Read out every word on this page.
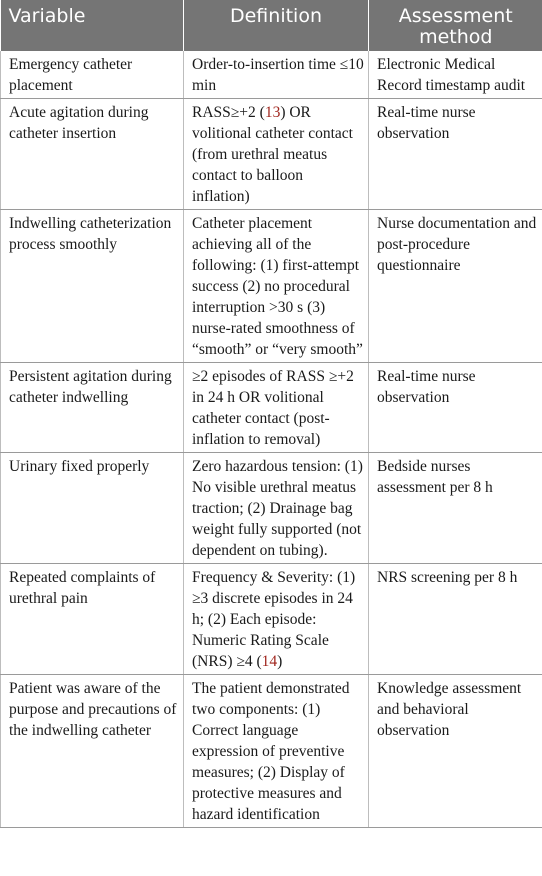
Variable	Definition	Assessment method
Emergency catheter placement	Order-to-insertion time ≤10 min	Electronic Medical Record timestamp audit
Acute agitation during catheter insertion	RASS≥+2 (13) OR volitional catheter contact (from urethral meatus contact to balloon inflation)	Real-time nurse observation
Indwelling catheterization process smoothly	Catheter placement achieving all of the following: (1) first-attempt success (2) no procedural interruption >30 s (3) nurse-rated smoothness of “smooth” or “very smooth”	Nurse documentation and post-procedure questionnaire
Persistent agitation during catheter indwelling	≥2 episodes of RASS ≥+2 in 24 h OR volitional catheter contact (post-inflation to removal)	Real-time nurse observation
Urinary fixed properly	Zero hazardous tension: (1) No visible urethral meatus traction; (2) Drainage bag weight fully supported (not dependent on tubing).	Bedside nurses assessment per 8 h
Repeated complaints of urethral pain	Frequency & Severity: (1) ≥3 discrete episodes in 24 h; (2) Each episode: Numeric Rating Scale (NRS) ≥4 (14)	NRS screening per 8 h
Patient was aware of the purpose and precautions of the indwelling catheter	The patient demonstrated two components: (1) Correct language expression of preventive measures; (2) Display of protective measures and hazard identification	Knowledge assessment and behavioral observation
